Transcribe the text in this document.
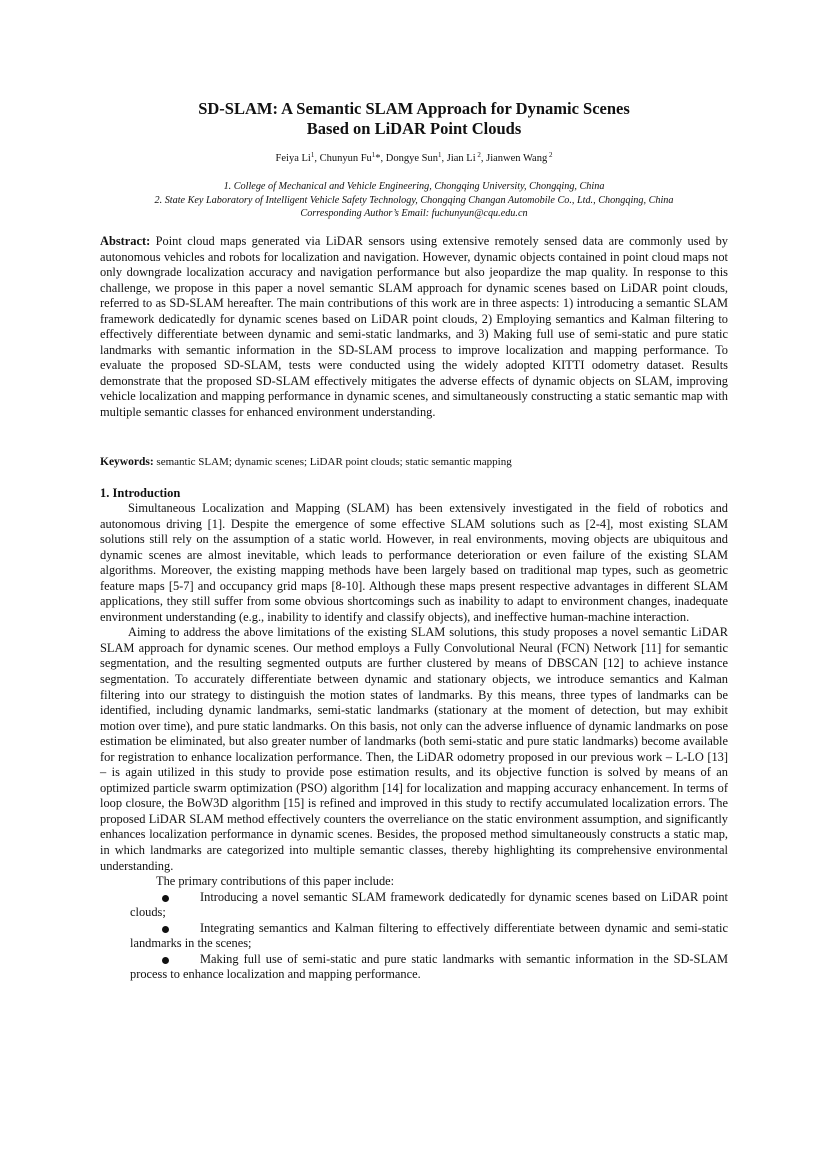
SD-SLAM: A Semantic SLAM Approach for Dynamic Scenes
Based on LiDAR Point Clouds
Feiya Li$^1$, Chunyun Fu$^1$*, Dongye Sun$^1$, Jian Li $^2$, Jianwen Wang $^2$
1. College of Mechanical and Vehicle Engineering, Chongqing University, Chongqing, China
2. State Key Laboratory of Intelligent Vehicle Safety Technology, Chongqing Changan Automobile Co., Ltd., Chongqing, China
Corresponding Author’s Email: fuchunyun@cqu.edu.cn
Abstract: Point cloud maps generated via LiDAR sensors using extensive remotely sensed data are commonly used by autonomous vehicles and robots for localization and navigation. However, dynamic objects contained in point cloud maps not only downgrade localization accuracy and navigation performance but also jeopardize the map quality. In response to this challenge, we propose in this paper a novel semantic SLAM approach for dynamic scenes based on LiDAR point clouds, referred to as SD-SLAM hereafter. The main contributions of this work are in three aspects: 1) introducing a semantic SLAM framework dedicatedly for dynamic scenes based on LiDAR point clouds, 2) Employing semantics and Kalman filtering to effectively differentiate between dynamic and semi-static landmarks, and 3) Making full use of semi-static and pure static landmarks with semantic information in the SD-SLAM process to improve localization and mapping performance. To evaluate the proposed SD-SLAM, tests were conducted using the widely adopted KITTI odometry dataset. Results demonstrate that the proposed SD-SLAM effectively mitigates the adverse effects of dynamic objects on SLAM, improving vehicle localization and mapping performance in dynamic scenes, and simultaneously constructing a static semantic map with multiple semantic classes for enhanced environment understanding.
Keywords: semantic SLAM; dynamic scenes; LiDAR point clouds; static semantic mapping
1. Introduction

Simultaneous Localization and Mapping (SLAM) has been extensively investigated in the field of robotics and autonomous driving [1]. Despite the emergence of some effective SLAM solutions such as [2-4], most existing SLAM solutions still rely on the assumption of a static world. However, in real environments, moving objects are ubiquitous and dynamic scenes are almost inevitable, which leads to performance deterioration or even failure of the existing SLAM algorithms. Moreover, the existing mapping methods have been largely based on traditional map types, such as geometric feature maps [5-7] and occupancy grid maps [8-10]. Although these maps present respective advantages in different SLAM applications, they still suffer from some obvious shortcomings such as inability to adapt to environment changes, inadequate environment understanding (e.g., inability to identify and classify objects), and ineffective human-machine interaction.

Aiming to address the above limitations of the existing SLAM solutions, this study proposes a novel semantic LiDAR SLAM approach for dynamic scenes. Our method employs a Fully Convolutional Neural (FCN) Network [11] for semantic segmentation, and the resulting segmented outputs are further clustered by means of DBSCAN [12] to achieve instance segmentation. To accurately differentiate between dynamic and stationary objects, we introduce semantics and Kalman filtering into our strategy to distinguish the motion states of landmarks. By this means, three types of landmarks can be identified, including dynamic landmarks, semi-static landmarks (stationary at the moment of detection, but may exhibit motion over time), and pure static landmarks. On this basis, not only can the adverse influence of dynamic landmarks on pose estimation be eliminated, but also greater number of landmarks (both semi-static and pure static landmarks) become available for registration to enhance localization performance. Then, the LiDAR odometry proposed in our previous work – L-LO [13] – is again utilized in this study to provide pose estimation results, and its objective function is solved by means of an optimized particle swarm optimization (PSO) algorithm [14] for localization and mapping accuracy enhancement. In terms of loop closure, the BoW3D algorithm [15] is refined and improved in this study to rectify accumulated localization errors. The proposed LiDAR SLAM method effectively counters the overreliance on the static environment assumption, and significantly enhances localization performance in dynamic scenes. Besides, the proposed method simultaneously constructs a static map, in which landmarks are categorized into multiple semantic classes, thereby highlighting its comprehensive environmental understanding.

The primary contributions of this paper include:

Introducing a novel semantic SLAM framework dedicatedly for dynamic scenes based on LiDAR point clouds;
Integrating semantics and Kalman filtering to effectively differentiate between dynamic and semi-static landmarks in the scenes;
Making full use of semi-static and pure static landmarks with semantic information in the SD-SLAM process to enhance localization and mapping performance.
